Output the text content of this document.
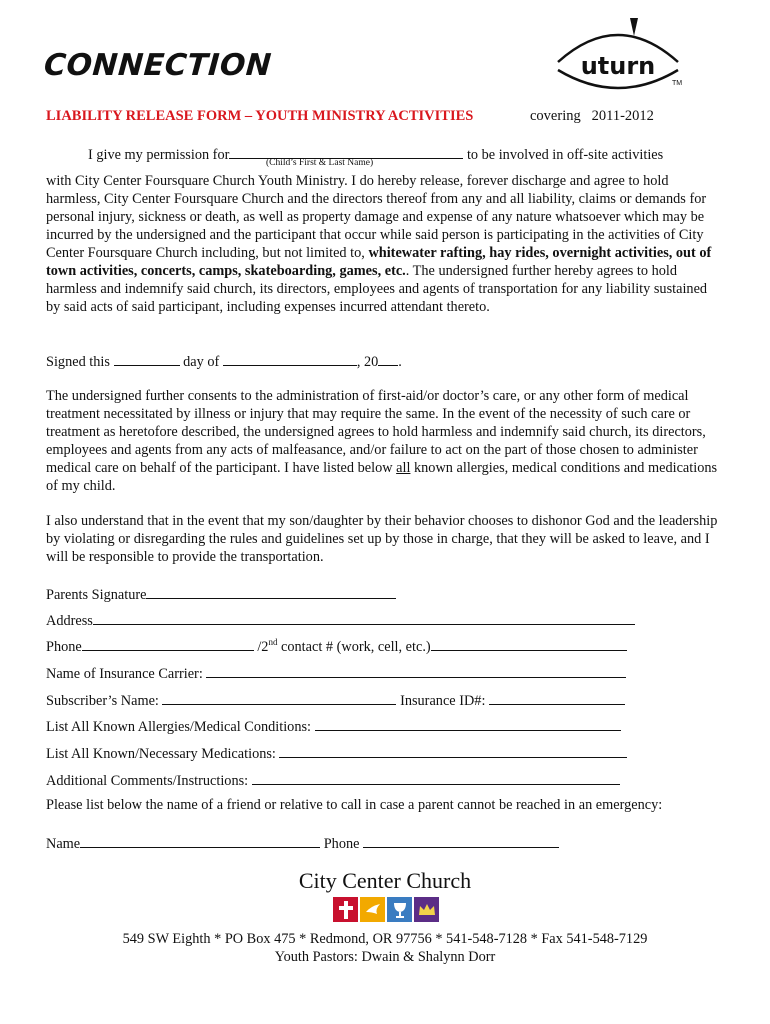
CONNECTION	uturn
TM
LIABILITY RELEASE FORM – YOUTH MINISTRY ACTIVITIES	covering   2011-2012
I give my permission for	to be involved in off-site activities
(Child’s First & Last Name)
with City Center Foursquare Church Youth Ministry. I do hereby release, forever discharge and agree to hold harmless, City Center Foursquare Church and the directors thereof from any and all liability, claims or demands for personal injury, sickness or death, as well as property damage and expense of any nature whatsoever which may be incurred by the undersigned and the participant that occur while said person is participating in the activities of City Center Foursquare Church including, but not limited to, whitewater rafting, hay rides, overnight activities, out of town activities, concerts, camps, skateboarding, games, etc.. The undersigned further hereby agrees to hold harmless and indemnify said church, its directors, employees and agents of transportation for any liability sustained by said acts of said participant, including expenses incurred attendant thereto.
Signed this	day of	, 20 .
The undersigned further consents to the administration of first-aid/or doctor’s care, or any other form of medical treatment necessitated by illness or injury that may require the same. In the event of the necessity of such care or treatment as heretofore described, the undersigned agrees to hold harmless and indemnify said church, its directors, employees and agents from any acts of malfeasance, and/or failure to act on the part of those chosen to administer medical care on behalf of the participant. I have listed below all known allergies, medical conditions and medications of my child.
I also understand that in the event that my son/daughter by their behavior chooses to dishonor God and the leadership by violating or disregarding the rules and guidelines set up by those in charge, that they will be asked to leave, and I will be responsible to provide the transportation.
Parents Signature
Address
Phone	/2nd contact # (work, cell, etc.)
Name of Insurance Carrier:
Subscriber’s Name:	Insurance ID#:
List All Known Allergies/Medical Conditions:
List All Known/Necessary Medications:
Additional Comments/Instructions:
Please list below the name of a friend or relative to call in case a parent cannot be reached in an emergency:
Name	Phone
City Center Church
549 SW Eighth * PO Box 475 * Redmond, OR 97756 * 541-548-7128 * Fax 541-548-7129
Youth Pastors: Dwain & Shalynn Dorr
